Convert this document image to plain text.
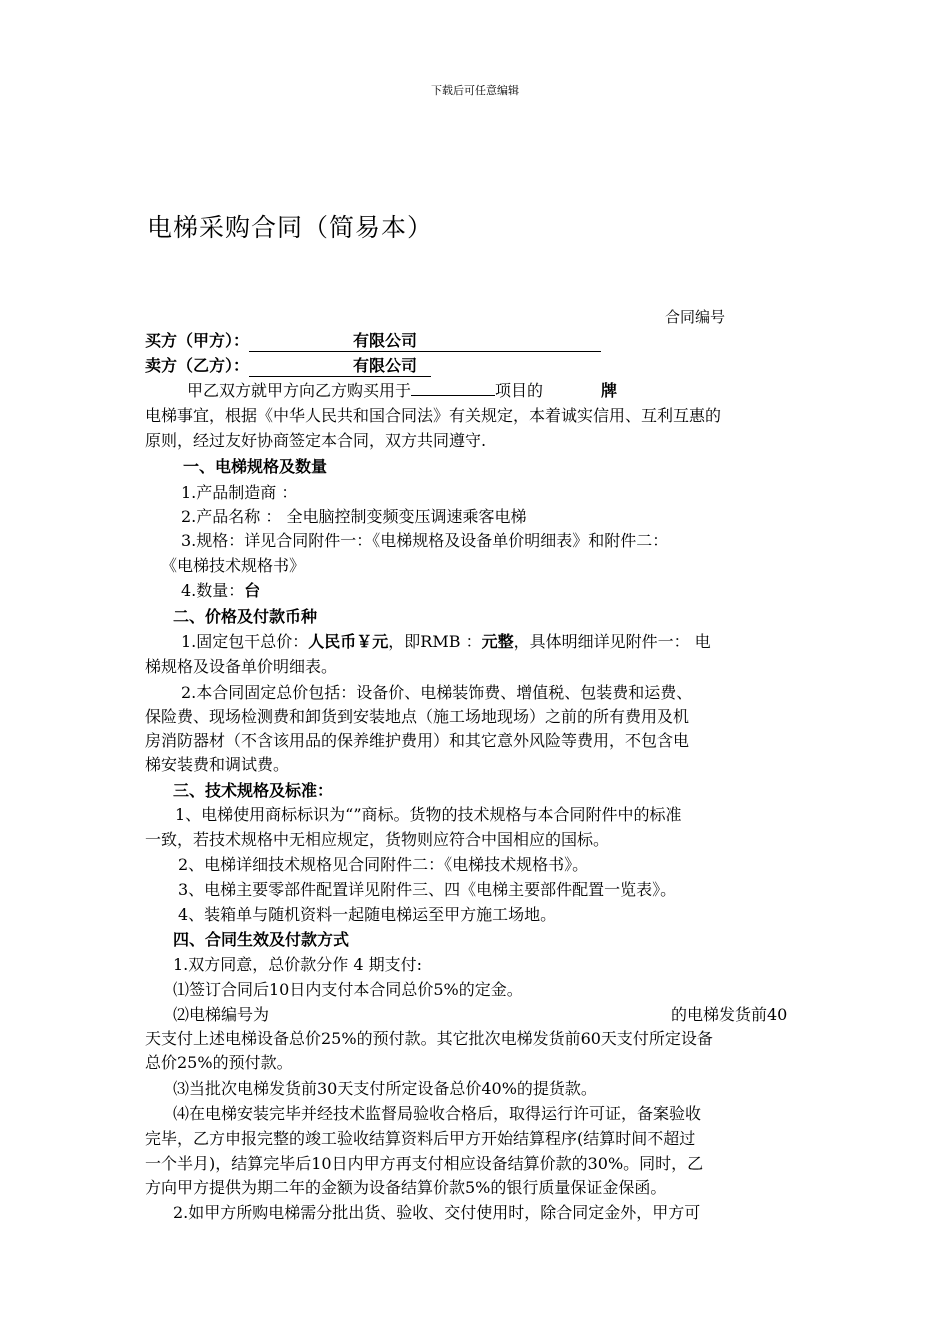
下载后可任意编辑
电梯采购合同（简易本）
合同编号
买方（甲方）：	有限公司
卖方（乙方）：	有限公司
甲乙双方就甲方向乙方购买用于	项目的	牌
电梯事宜，根据《中华人民共和国合同法》有关规定，本着诚实信用、互利互惠的
原则，经过友好协商签定本合同，双方共同遵守.
一、电梯规格及数量
1.产品制造商 ：
2.产品名称 ： 全电脑控制变频变压调速乘客电梯
3.规格：详见合同附件一：《电梯规格及设备单价明细表》和附件二：
《电梯技术规格书》
4.数量：台
二、价格及付款币种
1.固定包干总价：人民币￥元，即RMB ：元整，具体明细详见附件一： 电
梯规格及设备单价明细表。
2.本合同固定总价包括：设备价、电梯装饰费、增值税、包装费和运费、
保险费、现场检测费和卸货到安装地点（施工场地现场）之前的所有费用及机
房消防器材（不含该用品的保养维护费用）和其它意外风险等费用，不包含电
梯安装费和调试费。
三、技术规格及标准：
1、电梯使用商标标识为“”商标。货物的技术规格与本合同附件中的标准
一致，若技术规格中无相应规定，货物则应符合中国相应的国标。
2、电梯详细技术规格见合同附件二：《电梯技术规格书》。
3、电梯主要零部件配置详见附件三、四《电梯主要部件配置一览表》。
4、装箱单与随机资料一起随电梯运至甲方施工场地。
四、合同生效及付款方式
1.双方同意，总价款分作 4 期支付:
⑴签订合同后10日内支付本合同总价5%的定金。
⑵电梯编号为	的电梯发货前40
天支付上述电梯设备总价25%的预付款。其它批次电梯发货前60天支付所定设备
总价25%的预付款。
⑶当批次电梯发货前30天支付所定设备总价40%的提货款。
⑷在电梯安装完毕并经技术监督局验收合格后，取得运行许可证，备案验收
完毕，乙方申报完整的竣工验收结算资料后甲方开始结算程序(结算时间不超过
一个半月)，结算完毕后10日内甲方再支付相应设备结算价款的30%。同时，乙
方向甲方提供为期二年的金额为设备结算价款5%的银行质量保证金保函。
2.如甲方所购电梯需分批出货、验收、交付使用时，除合同定金外，甲方可
